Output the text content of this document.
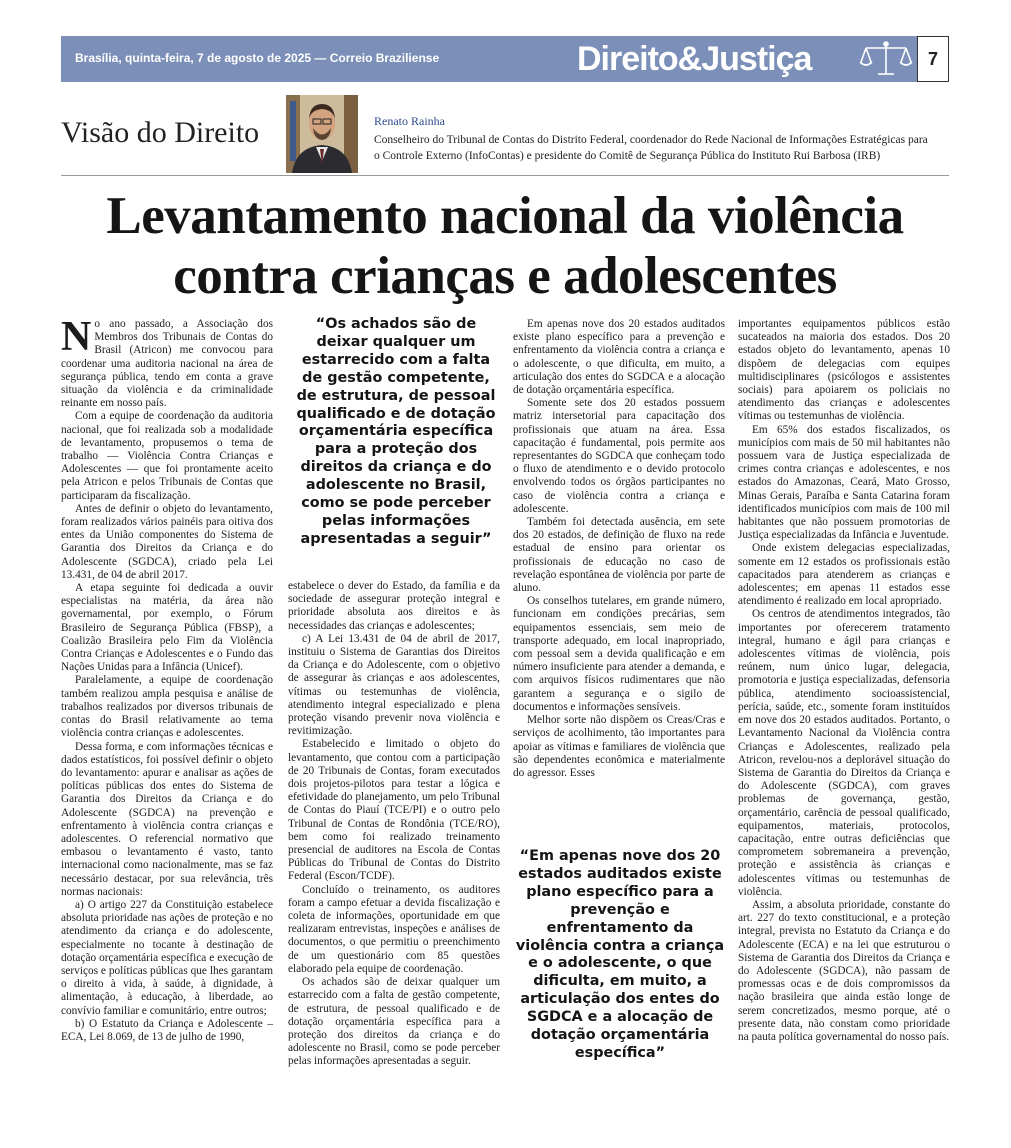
Brasília, quinta-feira, 7 de agosto de 2025 — Correio Braziliense	Direito&Justiça	7
Visão do Direito	Renato Rainha
Conselheiro do Tribunal de Contas do Distrito Federal, coordenador do Rede Nacional de Informações Estratégicas para o Controle Externo (InfoContas) e presidente do Comitê de Segurança Pública do Instituto Rui Barbosa (IRB)
Levantamento nacional da violência contra crianças e adolescentes

No ano passado, a Associação dos Membros dos Tribunais de Contas do Brasil (Atricon) me convocou para coordenar uma auditoria nacional na área de segurança pública, tendo em conta a grave situação da violência e da criminalidade reinante em nosso país.

Com a equipe de coordenação da auditoria nacional, que foi realizada sob a modalidade de levantamento, propusemos o tema de trabalho — Violência Contra Crianças e Adolescentes — que foi prontamente aceito pela Atricon e pelos Tribunais de Contas que participaram da fiscalização.

Antes de definir o objeto do levantamento, foram realizados vários painéis para oitiva dos entes da União componentes do Sistema de Garantia dos Direitos da Criança e do Adolescente (SGDCA), criado pela Lei 13.431, de 04 de abril 2017.

A etapa seguinte foi dedicada a ouvir especialistas na matéria, da área não governamental, por exemplo, o Fórum Brasileiro de Segurança Pública (FBSP), a Coalizão Brasileira pelo Fim da Violência Contra Crianças e Adolescentes e o Fundo das Nações Unidas para a Infância (Unicef).

Paralelamente, a equipe de coordenação também realizou ampla pesquisa e análise de trabalhos realizados por diversos tribunais de contas do Brasil relativamente ao tema violência contra crianças e adolescentes.

Dessa forma, e com informações técnicas e dados estatísticos, foi possível definir o objeto do levantamento: apurar e analisar as ações de políticas públicas dos entes do Sistema de Garantia dos Direitos da Criança e do Adolescente (SGDCA) na prevenção e enfrentamento à violência contra crianças e adolescentes. O referencial normativo que embasou o levantamento é vasto, tanto internacional como nacionalmente, mas se faz necessário destacar, por sua relevância, três normas nacionais:

a) O artigo 227 da Constituição estabelece absoluta prioridade nas ações de proteção e no atendimento da criança e do adolescente, especialmente no tocante à destinação de dotação orçamentária específica e execução de serviços e políticas públicas que lhes garantam o direito à vida, à saúde, à dignidade, à alimentação, à educação, à liberdade, ao convívio familiar e comunitário, entre outros;

b) O Estatuto da Criança e Adolescente – ECA, Lei 8.069, de 13 de julho de 1990,

“Os achados são de deixar qualquer um estarrecido com a falta de gestão competente, de estrutura, de pessoal qualificado e de dotação orçamentária específica para a proteção dos direitos da criança e do adolescente no Brasil, como se pode perceber pelas informações apresentadas a seguir”

estabelece o dever do Estado, da família e da sociedade de assegurar proteção integral e prioridade absoluta aos direitos e às necessidades das crianças e adolescentes;

c) A Lei 13.431 de 04 de abril de 2017, instituiu o Sistema de Garantias dos Direitos da Criança e do Adolescente, com o objetivo de assegurar às crianças e aos adolescentes, vítimas ou testemunhas de violência, atendimento integral especializado e plena proteção visando prevenir nova violência e revitimização.

Estabelecido e limitado o objeto do levantamento, que contou com a participação de 20 Tribunais de Contas, foram executados dois projetos-pilotos para testar a lógica e efetividade do planejamento, um pelo Tribunal de Contas do Piauí (TCE/PI) e o outro pelo Tribunal de Contas de Rondônia (TCE/RO), bem como foi realizado treinamento presencial de auditores na Escola de Contas Públicas do Tribunal de Contas do Distrito Federal (Escon/TCDF).

Concluído o treinamento, os auditores foram a campo efetuar a devida fiscalização e coleta de informações, oportunidade em que realizaram entrevistas, inspeções e análises de documentos, o que permitiu o preenchimento de um questionário com 85 questões elaborado pela equipe de coordenação.

Os achados são de deixar qualquer um estarrecido com a falta de gestão competente, de estrutura, de pessoal qualificado e de dotação orçamentária específica para a proteção dos direitos da criança e do adolescente no Brasil, como se pode perceber pelas informações apresentadas a seguir.

Em apenas nove dos 20 estados auditados existe plano específico para a prevenção e enfrentamento da violência contra a criança e o adolescente, o que dificulta, em muito, a articulação dos entes do SGDCA e a alocação de dotação orçamentária específica.

Somente sete dos 20 estados possuem matriz intersetorial para capacitação dos profissionais que atuam na área. Essa capacitação é fundamental, pois permite aos representantes do SGDCA que conheçam todo o fluxo de atendimento e o devido protocolo envolvendo todos os órgãos participantes no caso de violência contra a criança e adolescente.

Também foi detectada ausência, em sete dos 20 estados, de definição de fluxo na rede estadual de ensino para orientar os profissionais de educação no caso de revelação espontânea de violência por parte de aluno.

Os conselhos tutelares, em grande número, funcionam em condições precárias, sem equipamentos essenciais, sem meio de transporte adequado, em local inapropriado, com pessoal sem a devida qualificação e em número insuficiente para atender a demanda, e com arquivos físicos rudimentares que não garantem a segurança e o sigilo de documentos e informações sensíveis.

Melhor sorte não dispõem os Creas/Cras e serviços de acolhimento, tão importantes para apoiar as vítimas e familiares de violência que são dependentes econômica e materialmente do agressor. Esses

“Em apenas nove dos 20 estados auditados existe plano específico para a prevenção e enfrentamento da violência contra a criança e o adolescente, o que dificulta, em muito, a articulação dos entes do SGDCA e a alocação de dotação orçamentária específica”

importantes equipamentos públicos estão sucateados na maioria dos estados. Dos 20 estados objeto do levantamento, apenas 10 dispõem de delegacias com equipes multidisciplinares (psicólogos e assistentes sociais) para apoiarem os policiais no atendimento das crianças e adolescentes vítimas ou testemunhas de violência.

Em 65% dos estados fiscalizados, os municípios com mais de 50 mil habitantes não possuem vara de Justiça especializada de crimes contra crianças e adolescentes, e nos estados do Amazonas, Ceará, Mato Grosso, Minas Gerais, Paraíba e Santa Catarina foram identificados municípios com mais de 100 mil habitantes que não possuem promotorias de Justiça especializadas da Infância e Juventude.

Onde existem delegacias especializadas, somente em 12 estados os profissionais estão capacitados para atenderem as crianças e adolescentes; em apenas 11 estados esse atendimento é realizado em local apropriado.

Os centros de atendimentos integrados, tão importantes por oferecerem tratamento integral, humano e ágil para crianças e adolescentes vítimas de violência, pois reúnem, num único lugar, delegacia, promotoria e justiça especializadas, defensoria pública, atendimento socioassistencial, perícia, saúde, etc., somente foram instituídos em nove dos 20 estados auditados. Portanto, o Levantamento Nacional da Violência contra Crianças e Adolescentes, realizado pela Atricon, revelou-nos a deplorável situação do Sistema de Garantia do Direitos da Criança e do Adolescente (SGDCA), com graves problemas de governança, gestão, orçamentário, carência de pessoal qualificado, equipamentos, materiais, protocolos, capacitação, entre outras deficiências que comprometem sobremaneira a prevenção, proteção e assistência às crianças e adolescentes vítimas ou testemunhas de violência.

Assim, a absoluta prioridade, constante do art. 227 do texto constitucional, e a proteção integral, prevista no Estatuto da Criança e do Adolescente (ECA) e na lei que estruturou o Sistema de Garantia dos Direitos da Criança e do Adolescente (SGDCA), não passam de promessas ocas e de dois compromissos da nação brasileira que ainda estão longe de serem concretizados, mesmo porque, até o presente data, não constam como prioridade na pauta política governamental do nosso país.
